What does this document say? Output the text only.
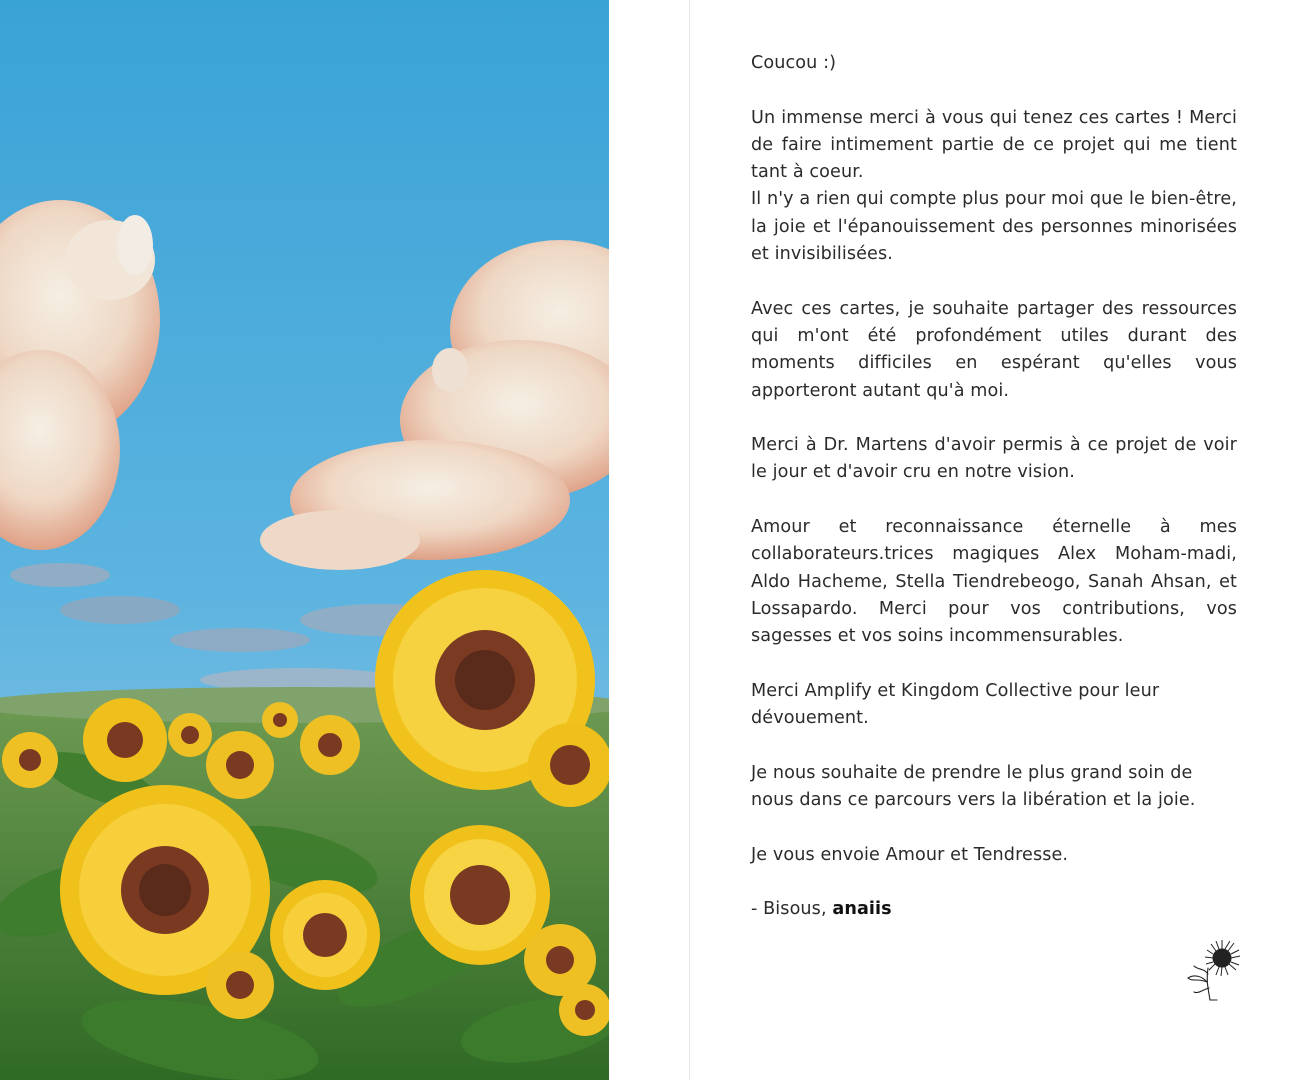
Coucou :)

Un immense merci à vous qui tenez ces cartes ! Merci de faire intimement partie de ce projet qui me tient tant à coeur.
Il n'y a rien qui compte plus pour moi que le bien-être, la joie et l'épanouissement des personnes minorisées et invisibilisées.

Avec ces cartes, je souhaite partager des ressources qui m'ont été profondément utiles durant des moments difficiles en espérant qu'elles vous apporteront autant qu'à moi.

Merci à Dr. Martens d'avoir permis à ce projet de voir le jour et d'avoir cru en notre vision.

Amour et reconnaissance éternelle à mes collaborateurs.trices magiques Alex Moham-madi, Aldo Hacheme, Stella Tiendrebeogo, Sanah Ahsan, et Lossapardo. Merci pour vos contributions, vos sagesses et vos soins incommensurables.

Merci Amplify et Kingdom Collective pour leur dévouement.

Je nous souhaite de prendre le plus grand soin de nous dans ce parcours vers la libération et la joie.

Je vous envoie Amour et Tendresse.

- Bisous, anaiis
